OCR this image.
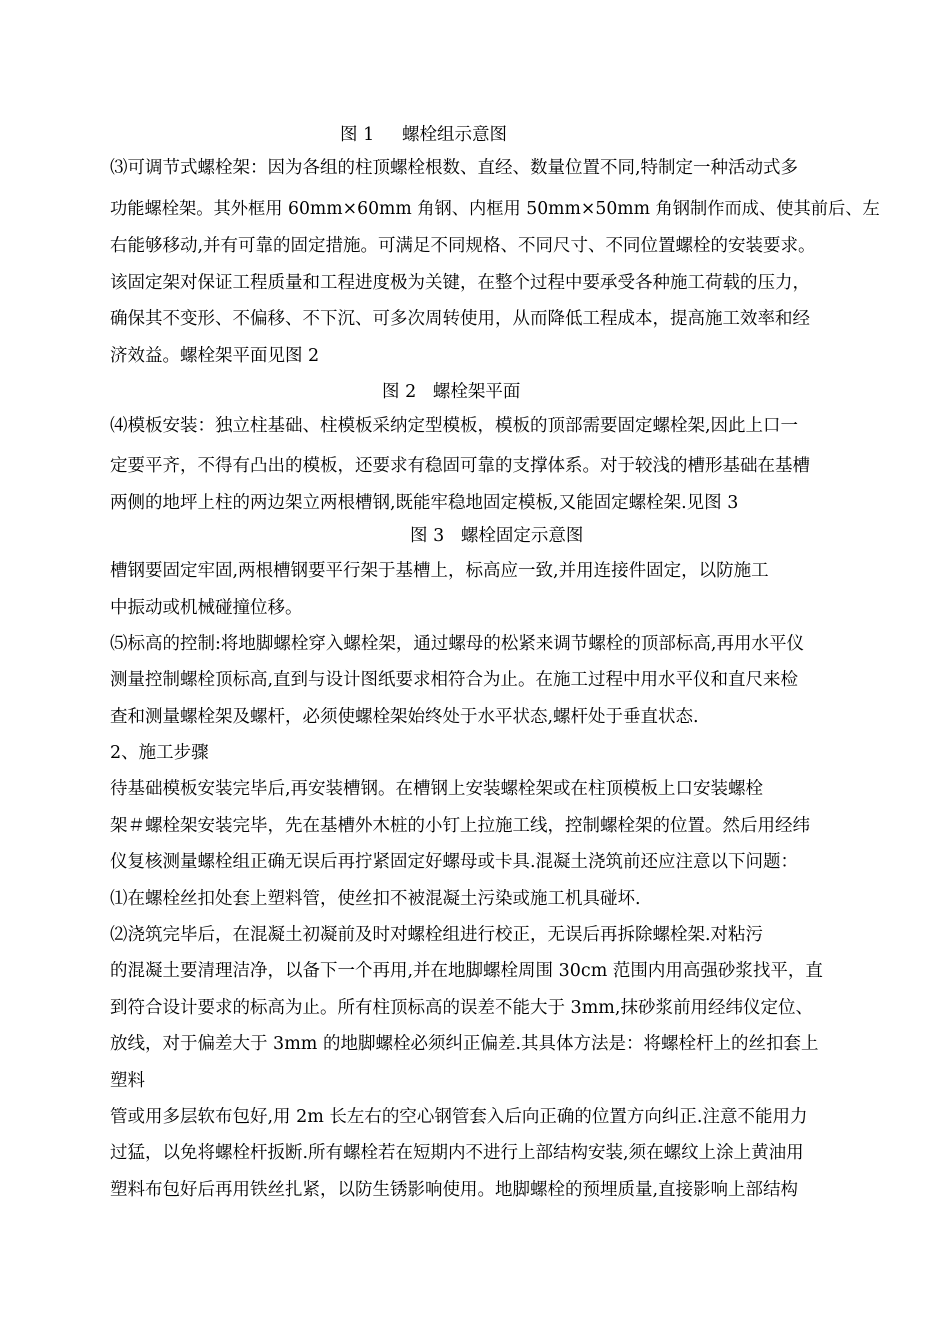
图 1     螺栓组示意图
⑶可调节式螺栓架：因为各组的柱顶螺栓根数、直经、数量位置不同,特制定一种活动式多
功能螺栓架。其外框用 60mm×60mm 角钢、内框用 50mm×50mm 角钢制作而成、使其前后、左
右能够移动,并有可靠的固定措施。可满足不同规格、不同尺寸、不同位置螺栓的安装要求。
该固定架对保证工程质量和工程进度极为关键，在整个过程中要承受各种施工荷载的压力，
确保其不变形、不偏移、不下沉、可多次周转使用，从而降低工程成本，提高施工效率和经
济效益。螺栓架平面见图 2
图 2   螺栓架平面
⑷模板安装：独立柱基础、柱模板采纳定型模板，模板的顶部需要固定螺栓架,因此上口一
定要平齐，不得有凸出的模板，还要求有稳固可靠的支撑体系。对于较浅的槽形基础在基槽
两侧的地坪上柱的两边架立两根槽钢,既能牢稳地固定模板,又能固定螺栓架.见图 3
图 3   螺栓固定示意图
槽钢要固定牢固,两根槽钢要平行架于基槽上，标高应一致,并用连接件固定，以防施工
中振动或机械碰撞位移。
⑸标高的控制:将地脚螺栓穿入螺栓架，通过螺母的松紧来调节螺栓的顶部标高,再用水平仪
测量控制螺栓顶标高,直到与设计图纸要求相符合为止。在施工过程中用水平仪和直尺来检
查和测量螺栓架及螺杆，必须使螺栓架始终处于水平状态,螺杆处于垂直状态.
2、施工步骤
待基础模板安装完毕后,再安装槽钢。在槽钢上安装螺栓架或在柱顶模板上口安装螺栓
架＃螺栓架安装完毕，先在基槽外木桩的小钉上拉施工线，控制螺栓架的位置。然后用经纬
仪复核测量螺栓组正确无误后再拧紧固定好螺母或卡具.混凝土浇筑前还应注意以下问题：
⑴在螺栓丝扣处套上塑料管，使丝扣不被混凝土污染或施工机具碰坏.
⑵浇筑完毕后，在混凝土初凝前及时对螺栓组进行校正，无误后再拆除螺栓架.对粘污
的混凝土要清理洁净，以备下一个再用,并在地脚螺栓周围 30cm 范围内用高强砂浆找平，直
到符合设计要求的标高为止。所有柱顶标高的误差不能大于 3mm,抹砂浆前用经纬仪定位、
放线，对于偏差大于 3mm 的地脚螺栓必须纠正偏差.其具体方法是：将螺栓杆上的丝扣套上
塑料
管或用多层软布包好,用 2m 长左右的空心钢管套入后向正确的位置方向纠正.注意不能用力
过猛，以免将螺栓杆扳断.所有螺栓若在短期内不进行上部结构安装,须在螺纹上涂上黄油用
塑料布包好后再用铁丝扎紧，以防生锈影响使用。地脚螺栓的预埋质量,直接影响上部结构
